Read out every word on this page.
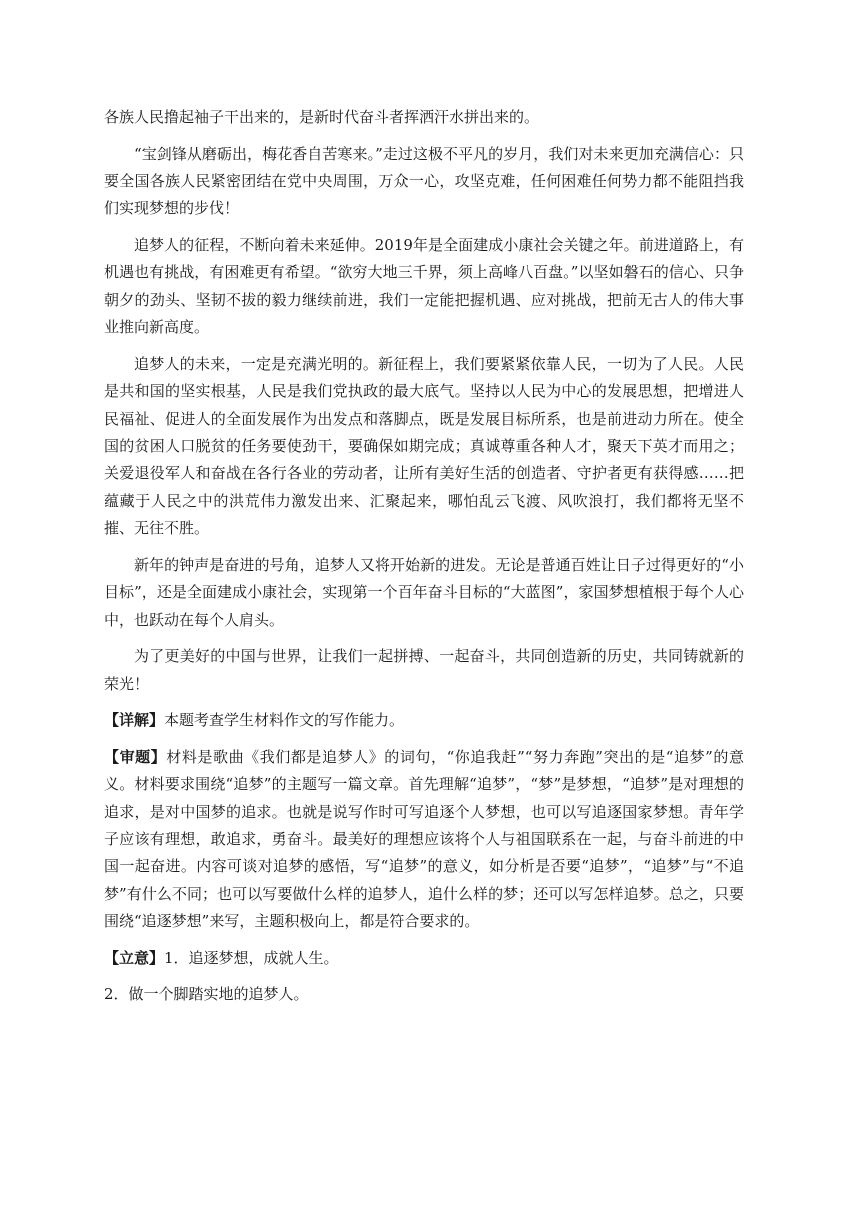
各族人民撸起袖子干出来的，是新时代奋斗者挥洒汗水拼出来的。

“宝剑锋从磨砺出，梅花香自苦寒来。”走过这极不平凡的岁月，我们对未来更加充满信心：只要全国各族人民紧密团结在党中央周围，万众一心，攻坚克难，任何困难任何势力都不能阻挡我们实现梦想的步伐！

追梦人的征程，不断向着未来延伸。2019年是全面建成小康社会关键之年。前进道路上，有机遇也有挑战，有困难更有希望。“欲穷大地三千界，须上高峰八百盘。”以坚如磐石的信心、只争朝夕的劲头、坚韧不拔的毅力继续前进，我们一定能把握机遇、应对挑战，把前无古人的伟大事业推向新高度。

追梦人的未来，一定是充满光明的。新征程上，我们要紧紧依靠人民，一切为了人民。人民是共和国的坚实根基，人民是我们党执政的最大底气。坚持以人民为中心的发展思想，把增进人民福祉、促进人的全面发展作为出发点和落脚点，既是发展目标所系，也是前进动力所在。使全国的贫困人口脱贫的任务要使劲干，要确保如期完成；真诚尊重各种人才，聚天下英才而用之；关爱退役军人和奋战在各行各业的劳动者，让所有美好生活的创造者、守护者更有获得感……把蕴藏于人民之中的洪荒伟力激发出来、汇聚起来，哪怕乱云飞渡、风吹浪打，我们都将无坚不摧、无往不胜。

新年的钟声是奋进的号角，追梦人又将开始新的进发。无论是普通百姓让日子过得更好的“小目标”，还是全面建成小康社会，实现第一个百年奋斗目标的“大蓝图”，家国梦想植根于每个人心中，也跃动在每个人肩头。

为了更美好的中国与世界，让我们一起拼搏、一起奋斗，共同创造新的历史，共同铸就新的荣光！

【详解】本题考查学生材料作文的写作能力。

【审题】材料是歌曲《我们都是追梦人》的词句，“你追我赶”“努力奔跑”突出的是“追梦”的意义。材料要求围绕“追梦”的主题写一篇文章。首先理解“追梦”，“梦”是梦想，“追梦”是对理想的追求，是对中国梦的追求。也就是说写作时可写追逐个人梦想，也可以写追逐国家梦想。青年学子应该有理想，敢追求，勇奋斗。最美好的理想应该将个人与祖国联系在一起，与奋斗前进的中国一起奋进。内容可谈对追梦的感悟，写“追梦”的意义，如分析是否要“追梦”，“追梦”与“不追梦”有什么不同；也可以写要做什么样的追梦人，追什么样的梦；还可以写怎样追梦。总之，只要围绕“追逐梦想”来写，主题积极向上，都是符合要求的。

【立意】1．追逐梦想，成就人生。

2．做一个脚踏实地的追梦人。
